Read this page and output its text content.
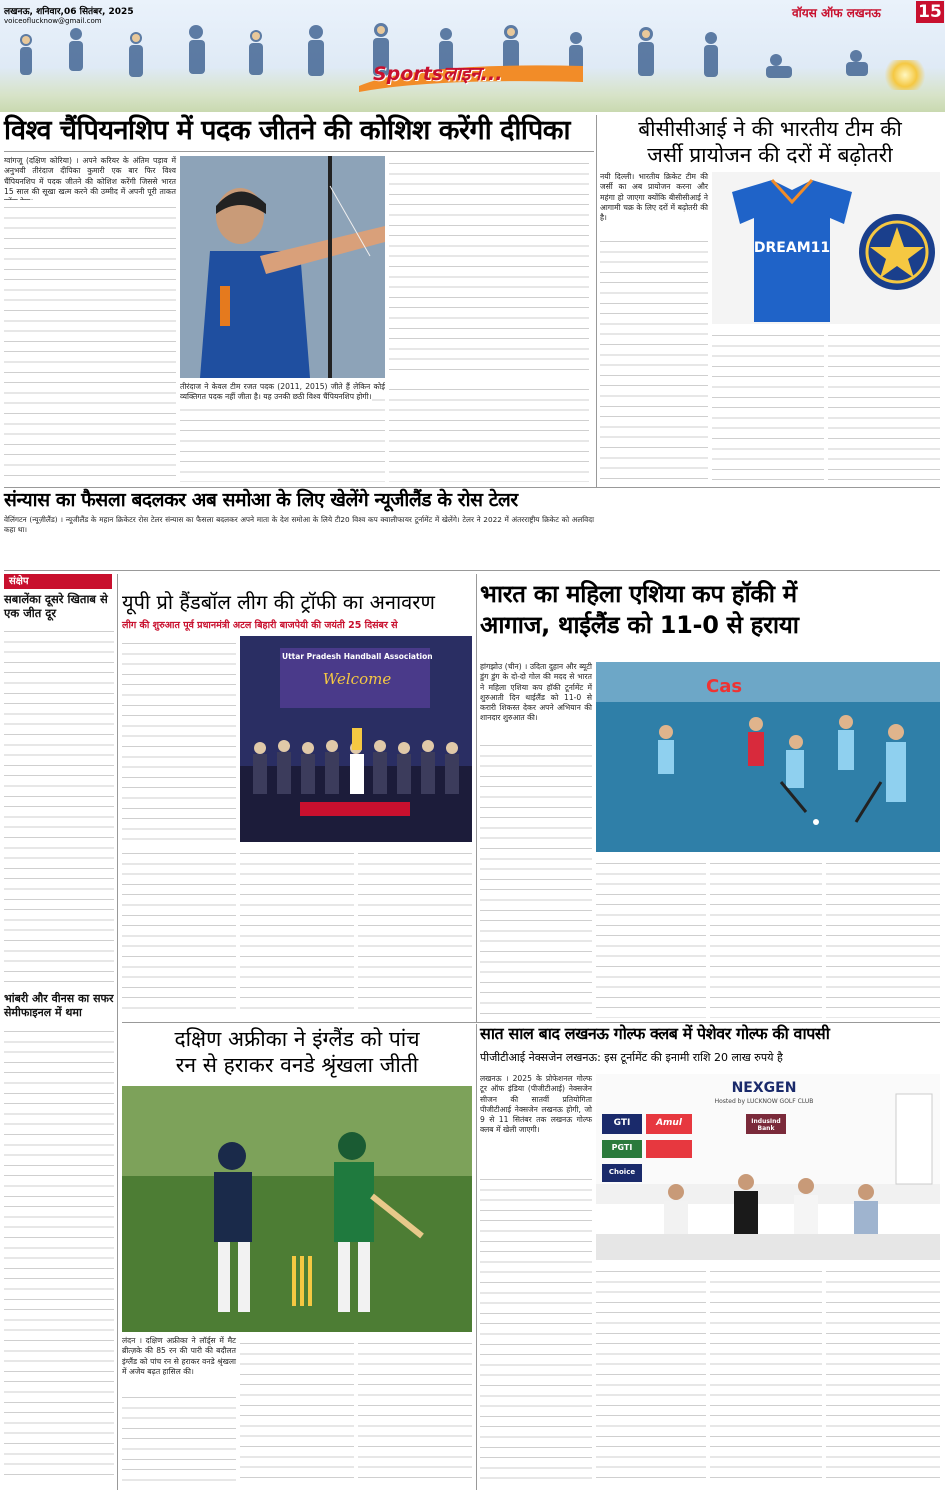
लखनऊ, शनिवार,06 सितंबर, 2025
voiceoflucknow@gmail.com
वॉयस ऑफ लखनऊ 15
Sportsलाइन...
विश्व चैंपियनशिप में पदक जीतने की कोशिश करेंगी दीपिका
ग्वांगजू (दक्षिण कोरिया) । अपने करियर के अंतिम पड़ाव में अनुभवी तीरंदाज दीपिका कुमारी एक बार फिर विश्व चैंपियनशिप में पदक जीतने की कोशिश करेंगी जिससे भारत 15 साल की सूखा खत्म करने की उम्मीद में अपनी पूरी ताकत
तीरंदाज ने केवल टीम रजत पदक (2011, 2015) जीते हैं लेकिन कोई व्यक्तिगत पदक नहीं जीता है। यह उनकी छठी विश्व चैंपियनशिप होगी।
बीसीसीआई ने की भारतीय टीम की
जर्सी प्रायोजन की दरों में बढ़ोतरी
नयी दिल्ली। भारतीय क्रिकेट टीम की जर्सी का अब प्रायोजन करना और महंगा हो जाएगा क्योंकि बीसीसीआई ने आगामी चक्र के लिए दरों में बढ़ोतरी की है।
DREAM11
संन्यास का फैसला बदलकर अब समोआ के लिए खेलेंगे न्यूजीलैंड के रोस टेलर
वेलिंगटन (न्यूज़ीलैंड) । न्यूजीलैंड के महान क्रिकेटर रोस टेलर संन्यास का फैसला बदलकर अपने माता के देश समोआ के लिये टी20 विश्व कप क्वालीफायर टूर्नामेंट में खेलेंगे। टेलर ने 2022 में अंतरराष्ट्रीय क्रिकेट को अलविदा कहा था।
संक्षेप
सबालेंका दूसरे खिताब से एक जीत दूर
भांबरी और वीनस का सफर सेमीफाइनल में थमा
यूपी प्रो हैंडबॉल लीग की ट्रॉफी का अनावरण
लीग की शुरुआत पूर्व प्रधानमंत्री अटल बिहारी बाजपेयी की जयंती 25 दिसंबर से
Uttar Pradesh Handball Association
Welcome
भारत का महिला एशिया कप हॉकी में
आगाज, थाईलैंड को 11-0 से हराया
हांगझोउ (चीन) । उदिता दुहान और ब्यूटी डुंग डुंग के दो-दो गोल की मदद से भारत ने महिला एशिया कप हॉकी टूर्नामेंट में शुरुआती दिन थाईलैंड को 11-0 से करारी शिकस्त देकर अपने अभियान की शानदार शुरुआत की।
Cas
दक्षिण अफ्रीका ने इंग्लैंड को पांच
रन से हराकर वनडे श्रृंखला जीती
लंदन । दक्षिण अफ्रीका ने लॉर्ड्स में मैट ब्रीत्ज़के की 85 रन की पारी की बदौलत इंग्लैंड को पांच रन से हराकर वनडे श्रृंखला में अजेय बढ़त हासिल की।
सात साल बाद लखनऊ गोल्फ क्लब में पेशेवर गोल्फ की वापसी
पीजीटीआई नेक्सजेन लखनऊ: इस टूर्नामेंट की इनामी राशि 20 लाख रुपये है
लखनऊ । 2025 के प्रोफेशनल गोल्फ टूर ऑफ इंडिया (पीजीटीआई) नेक्सजेन सीजन की सातवीं प्रतियोगिता पीजीटीआई नेक्सजेन लखनऊ होगी, जो 9 से 11 सितंबर तक लखनऊ गोल्फ क्लब में खेली जाएगी।
NEXGEN
Hosted by LUCKNOW GOLF CLUB
GTI	Amul
PGTI
Choice
IndusInd Bank
